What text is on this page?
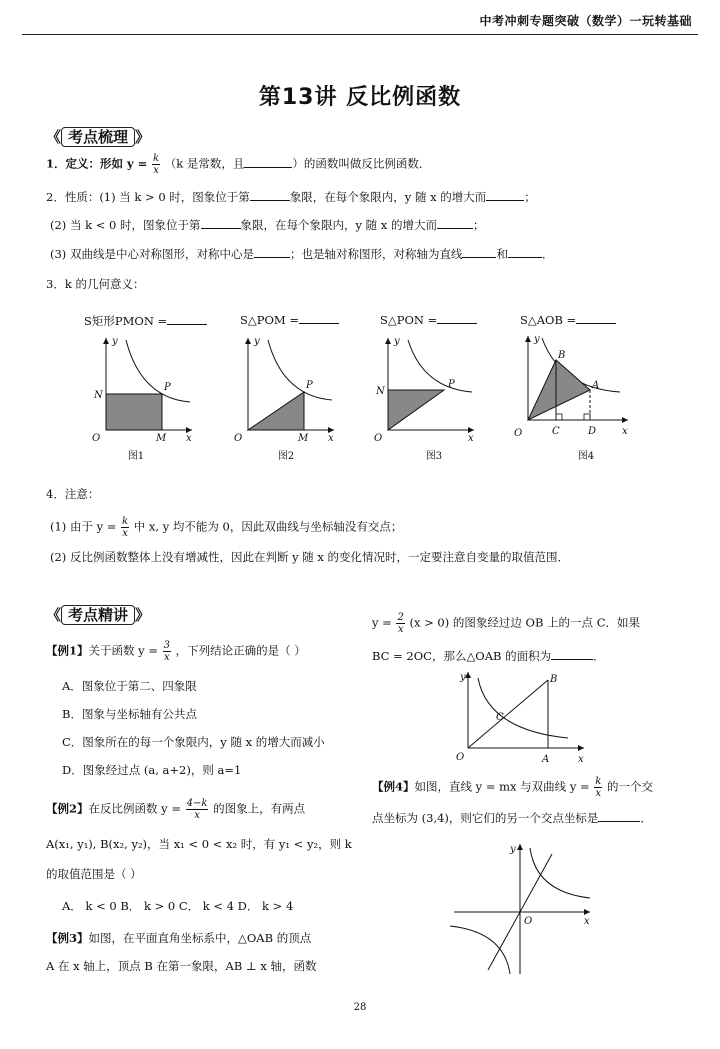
中考冲刺专题突破（数学）一玩转基础
第13讲 反比例函数
《 考点梳理 》
1．定义：形如 $y = \frac{k}{x} (k$ 是常数，且	）的函数叫做反比例函数．
2．性质：(1) 当 k > 0 时，图象位于第	象限，在每个象限内，y 随 x 的增大而	；
(2) 当 k < 0 时，图象位于第	象限，在每个象限内，y 随 x 的增大而	；
(3) 双曲线是中心对称图形，对称中心是	；也是轴对称图形，对称轴为直线	和	．
3．k 的几何意义：
S矩形PMON =	S△POM =	S△PON =	S△AOB =
y
N
P
O	M x
图1
y
P
O	M x
图2
y
N
P
O	x
图3
y
B
A
O	C	D	x
图4
4．注意：
(1) 由于 $y = \frac{k}{x}$ 中 x, y 均不能为 0，因此双曲线与坐标轴没有交点；
(2) 反比例函数整体上没有增减性，因此在判断 y 随 x 的变化情况时，一定要注意自变量的取值范围．
《 考点精讲 》
【例1】关于函数 $y = \frac{3}{x}$ ，下列结论正确的是（ ）
A．图象位于第二、四象限
B．图象与坐标轴有公共点
C．图象所在的每一个象限内，y 随 x 的增大而减小
D．图象经过点 (a, a+2)，则 a=1
【例2】在反比例函数 $y = \frac{4-k}{x}$ 的图象上，有两点
A(x₁, y₁), B(x₂, y₂)，当 x₁ < 0 < x₂ 时，有 y₁ < y₂，则 k
的取值范围是（ ）
A． k < 0 B． k > 0 C． k < 4 D． k > 4
【例3】如图，在平面直角坐标系中，△OAB 的顶点
A 在 x 轴上，顶点 B 在第一象限，AB ⊥ x 轴，函数
$y = \frac{2}{x} (x > 0)$ 的图象经过边 OB 上的一点 C．如果
BC = 2OC，那么△OAB 的面积为	．
y	B
C
O	A	x
【例4】如图，直线 y = mx 与双曲线 $y = \frac{k}{x}$ 的一个交
点坐标为 (3,4)，则它们的另一个交点坐标是	．
y
O	x
28
